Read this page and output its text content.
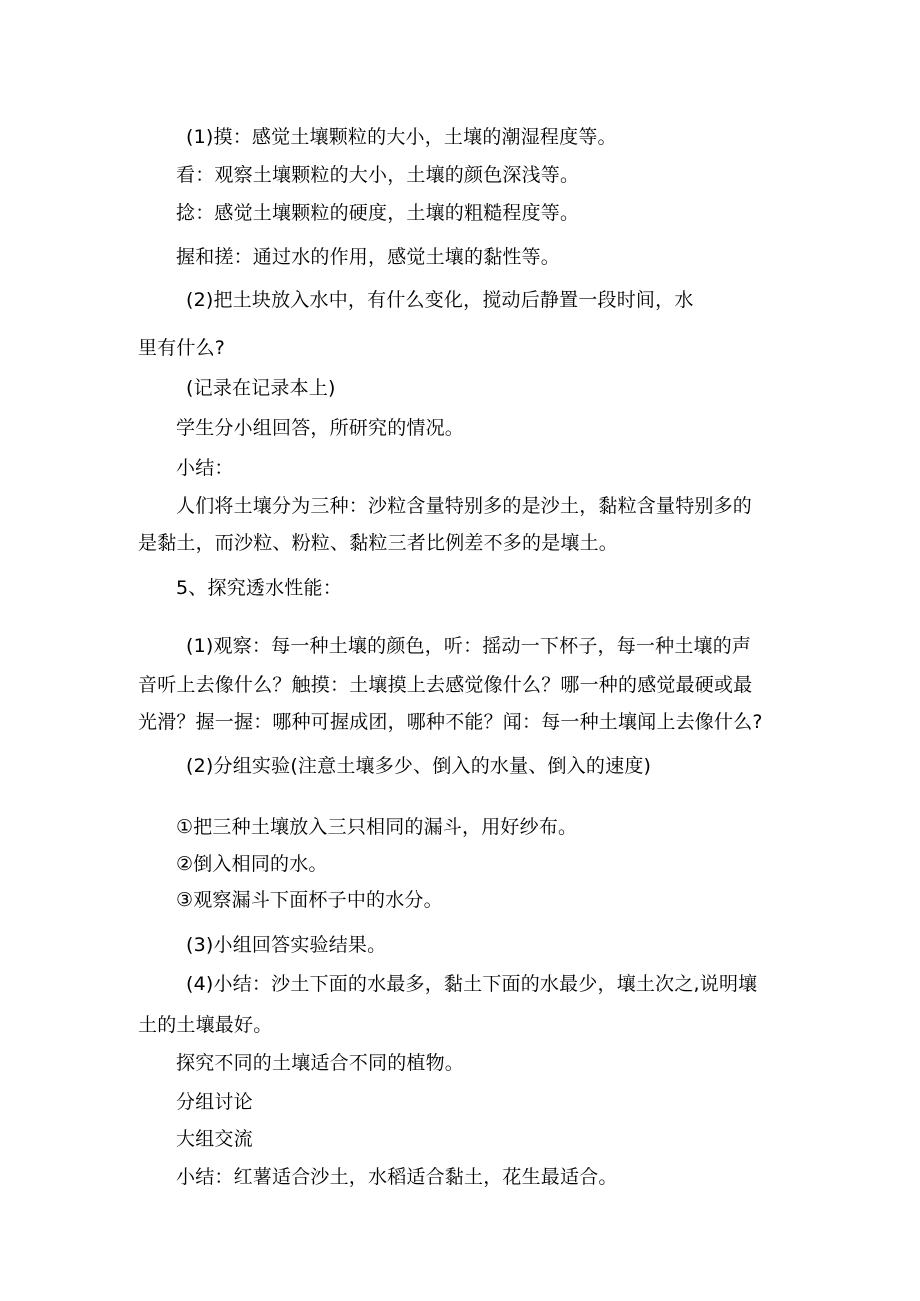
(1)摸：感觉土壤颗粒的大小，土壤的潮湿程度等。
看：观察土壤颗粒的大小，土壤的颜色深浅等。
捻：感觉土壤颗粒的硬度，土壤的粗糙程度等。
握和搓：通过水的作用，感觉土壤的黏性等。
(2)把土块放入水中，有什么变化，搅动后静置一段时间，水
里有什么?
(记录在记录本上)
学生分小组回答，所研究的情况。
小结：
人们将土壤分为三种：沙粒含量特别多的是沙土，黏粒含量特别多的
是黏土，而沙粒、粉粒、黏粒三者比例差不多的是壤土。
5、探究透水性能：
(1)观察：每一种土壤的颜色，听：摇动一下杯子，每一种土壤的声
音听上去像什么？触摸：土壤摸上去感觉像什么？哪一种的感觉最硬或最
光滑？握一握：哪种可握成团，哪种不能？闻：每一种土壤闻上去像什么?
(2)分组实验(注意土壤多少、倒入的水量、倒入的速度)
①把三种土壤放入三只相同的漏斗，用好纱布。
②倒入相同的水。
③观察漏斗下面杯子中的水分。
(3)小组回答实验结果。
(4)小结：沙土下面的水最多，黏土下面的水最少，壤土次之,说明壤
土的土壤最好。
探究不同的土壤适合不同的植物。
分组讨论
大组交流
小结：红薯适合沙土，水稻适合黏土，花生最适合。
